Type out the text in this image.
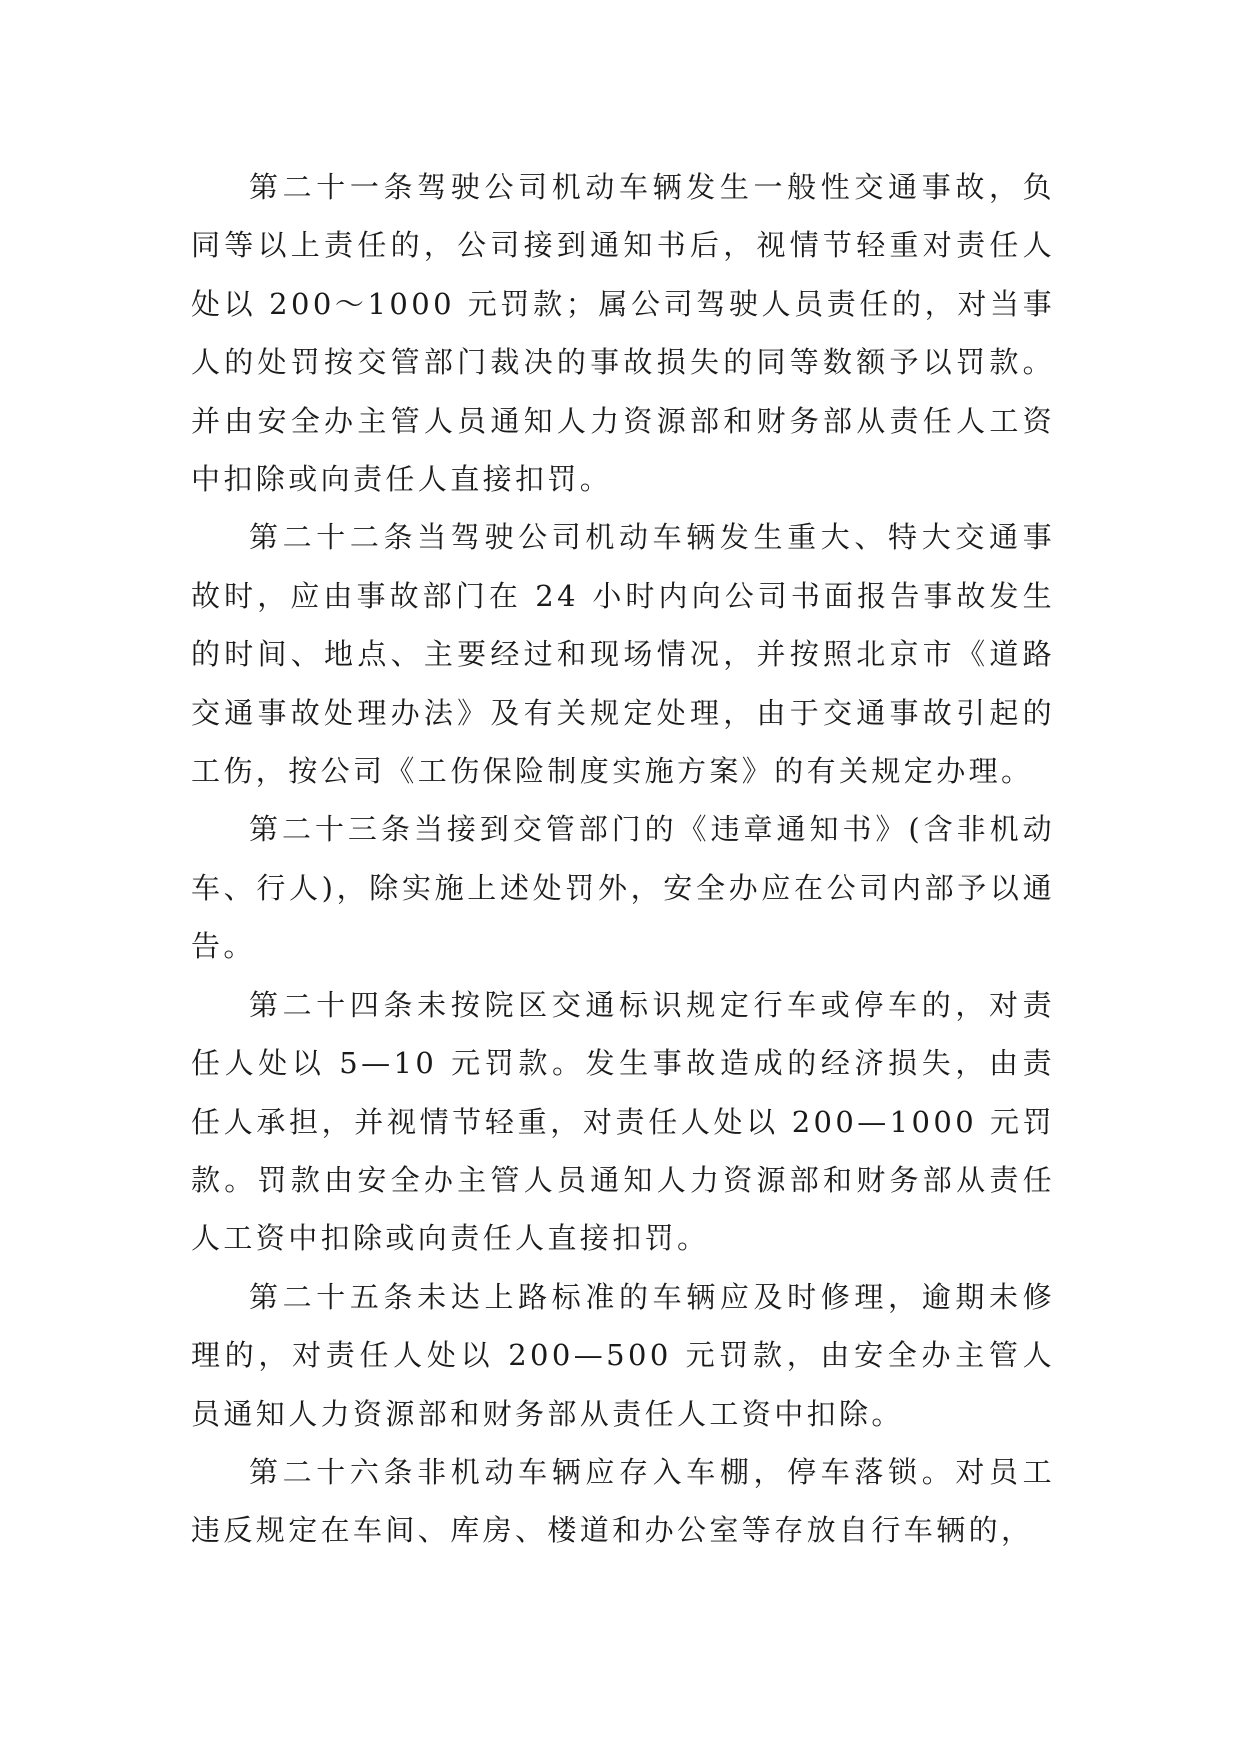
第二十一条驾驶公司机动车辆发生一般性交通事故，负同等以上责任的，公司接到通知书后，视情节轻重对责任人处以 200～1000 元罚款；属公司驾驶人员责任的，对当事人的处罚按交管部门裁决的事故损失的同等数额予以罚款。并由安全办主管人员通知人力资源部和财务部从责任人工资中扣除或向责任人直接扣罚。

第二十二条当驾驶公司机动车辆发生重大、特大交通事故时，应由事故部门在 24 小时内向公司书面报告事故发生的时间、地点、主要经过和现场情况，并按照北京市《道路交通事故处理办法》及有关规定处理，由于交通事故引起的工伤，按公司《工伤保险制度实施方案》的有关规定办理。

第二十三条当接到交管部门的《违章通知书》(含非机动车、行人)，除实施上述处罚外，安全办应在公司内部予以通告。

第二十四条未按院区交通标识规定行车或停车的，对责任人处以 5—10 元罚款。发生事故造成的经济损失，由责任人承担，并视情节轻重，对责任人处以 200—1000 元罚款。罚款由安全办主管人员通知人力资源部和财务部从责任人工资中扣除或向责任人直接扣罚。

第二十五条未达上路标准的车辆应及时修理，逾期未修理的，对责任人处以 200—500 元罚款，由安全办主管人员通知人力资源部和财务部从责任人工资中扣除。

第二十六条非机动车辆应存入车棚，停车落锁。对员工违反规定在车间、库房、楼道和办公室等存放自行车辆的，
